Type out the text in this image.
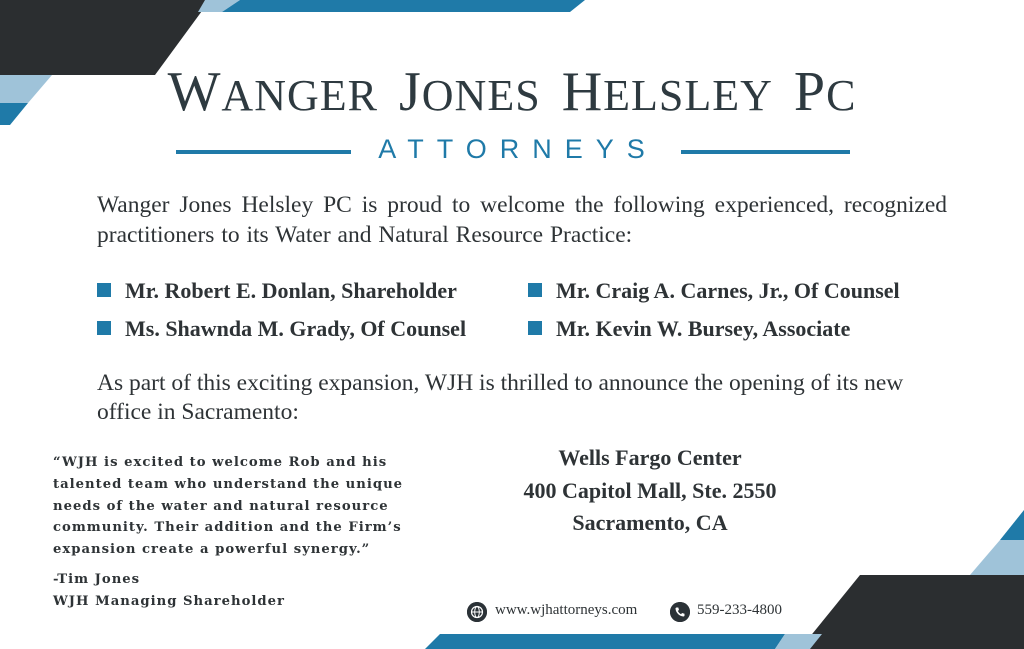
WANGER JONES HELSLEY PC
ATTORNEYS
Wanger Jones Helsley PC is proud to welcome the following experienced, recognized practitioners to its Water and Natural Resource Practice:
Mr. Robert E. Donlan, Shareholder	Mr. Craig A. Carnes, Jr., Of Counsel
Ms. Shawnda M. Grady, Of Counsel	Mr. Kevin W. Bursey, Associate
As part of this exciting expansion, WJH is thrilled to announce the opening of its new office in Sacramento:
“WJH is excited to welcome Rob and his
talented team who understand the unique
needs of the water and natural resource
community. Their addition and the Firm’s
expansion create a powerful synergy.”
-Tim Jones
WJH Managing Shareholder
Wells Fargo Center
400 Capitol Mall, Ste. 2550
Sacramento, CA
www.wjhattorneys.com	559-233-4800
